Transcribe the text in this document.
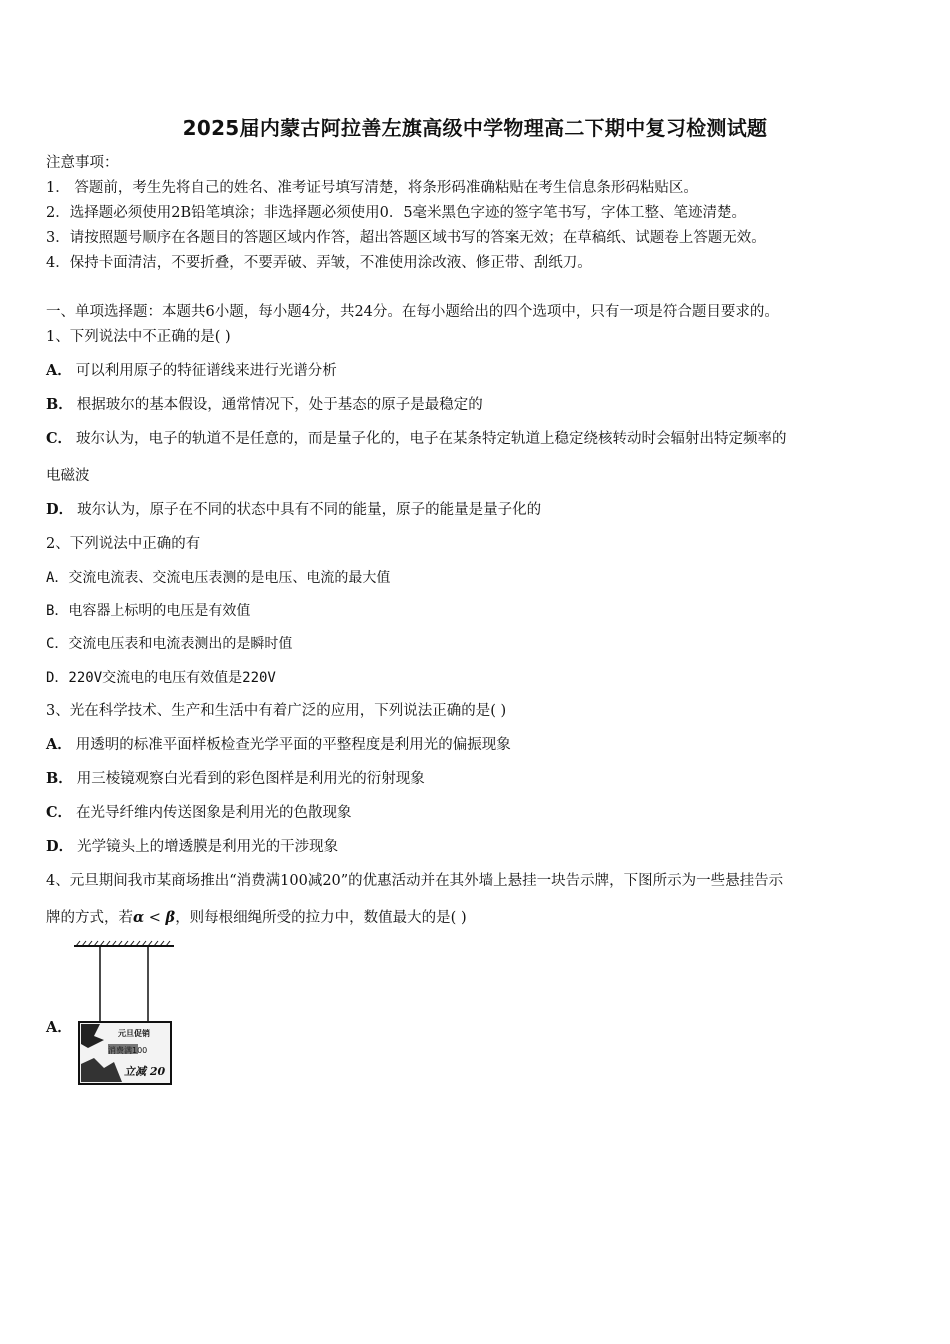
2025届内蒙古阿拉善左旗高级中学物理高二下期中复习检测试题
注意事项：
1． 答题前，考生先将自己的姓名、准考证号填写清楚，将条形码准确粘贴在考生信息条形码粘贴区。
2．选择题必须使用2B铅笔填涂；非选择题必须使用0．5毫米黑色字迹的签字笔书写，字体工整、笔迹清楚。
3．请按照题号顺序在各题目的答题区域内作答，超出答题区域书写的答案无效；在草稿纸、试题卷上答题无效。
4．保持卡面清洁，不要折叠，不要弄破、弄皱，不准使用涂改液、修正带、刮纸刀。
一、单项选择题：本题共6小题，每小题4分，共24分。在每小题给出的四个选项中，只有一项是符合题目要求的。
1、下列说法中不正确的是( )
A． 可以利用原子的特征谱线来进行光谱分析
B． 根据玻尔的基本假设，通常情况下，处于基态的原子是最稳定的
C． 玻尔认为，电子的轨道不是任意的，而是量子化的，电子在某条特定轨道上稳定绕核转动时会辐射出特定频率的
电磁波
D． 玻尔认为，原子在不同的状态中具有不同的能量，原子的能量是量子化的
2、下列说法中正确的有
A．交流电流表、交流电压表测的是电压、电流的最大值
B．电容器上标明的电压是有效值
C．交流电压表和电流表测出的是瞬时值
D．220V交流电的电压有效值是220V
3、光在科学技术、生产和生活中有着广泛的应用，下列说法正确的是( )
A． 用透明的标准平面样板检查光学平面的平整程度是利用光的偏振现象
B． 用三棱镜观察白光看到的彩色图样是利用光的衍射现象
C． 在光导纤维内传送图象是利用光的色散现象
D． 光学镜头上的增透膜是利用光的干涉现象
4、元旦期间我市某商场推出“消费满100减20”的优惠活动并在其外墙上悬挂一块告示牌，下图所示为一些悬挂告示
牌的方式，若α < β，则每根细绳所受的拉力中，数值最大的是( )
A．	元旦促销
消费满100
立减 20
